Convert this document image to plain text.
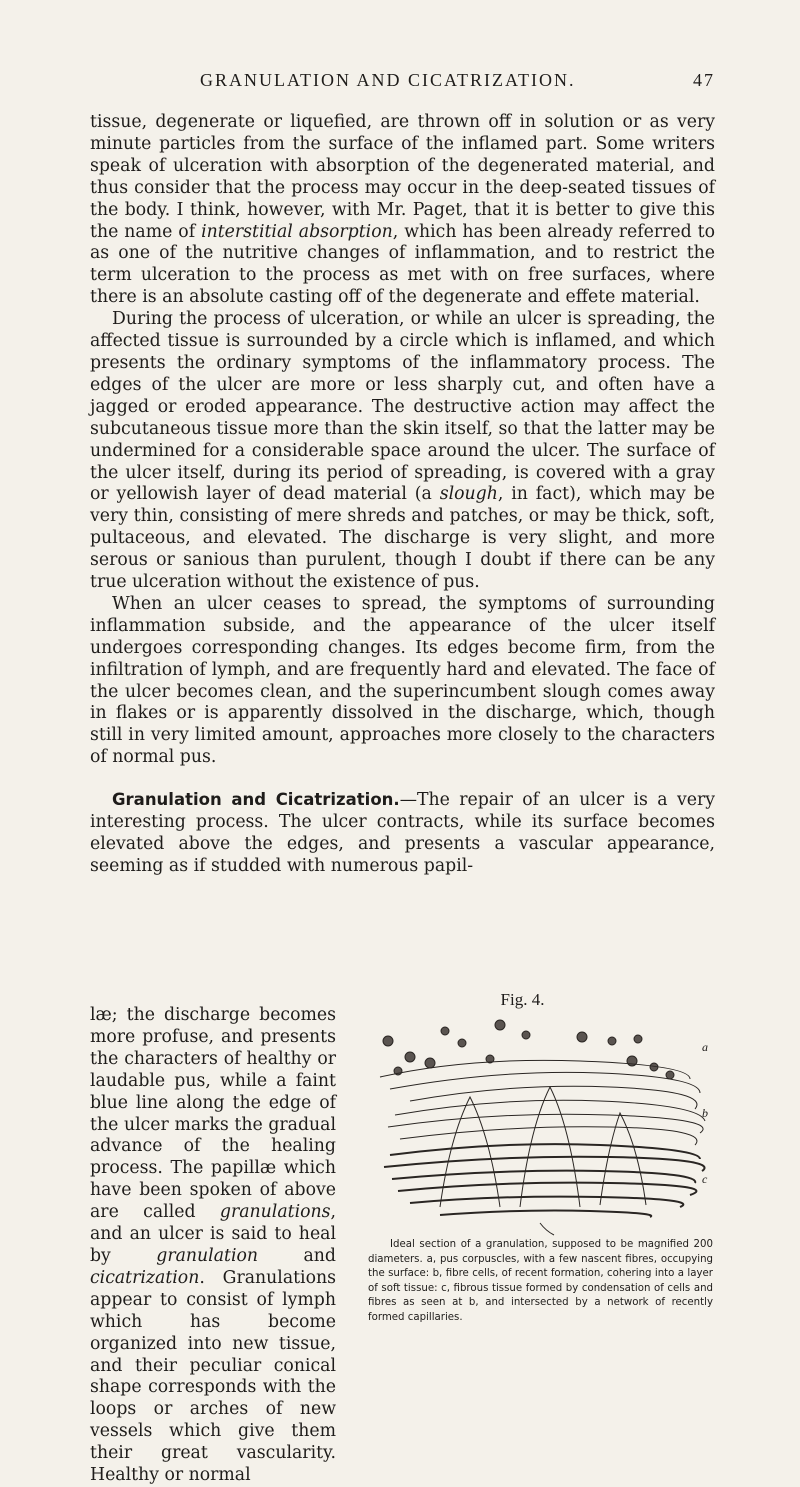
GRANULATION AND CICATRIZATION.	47

tissue, degenerate or liquefied, are thrown off in solution or as very minute particles from the surface of the inflamed part. Some writers speak of ulceration with absorption of the degenerated material, and thus consider that the process may occur in the deep-seated tissues of the body. I think, however, with Mr. Paget, that it is better to give this the name of interstitial absorption, which has been already referred to as one of the nutritive changes of inflammation, and to restrict the term ulceration to the process as met with on free surfaces, where there is an absolute casting off of the degenerate and effete material.

During the process of ulceration, or while an ulcer is spreading, the affected tissue is surrounded by a circle which is inflamed, and which presents the ordinary symptoms of the inflammatory process. The edges of the ulcer are more or less sharply cut, and often have a jagged or eroded appearance. The destructive action may affect the subcutaneous tissue more than the skin itself, so that the latter may be undermined for a considerable space around the ulcer. The surface of the ulcer itself, during its period of spreading, is covered with a gray or yellowish layer of dead material (a slough, in fact), which may be very thin, consisting of mere shreds and patches, or may be thick, soft, pultaceous, and elevated. The discharge is very slight, and more serous or sanious than purulent, though I doubt if there can be any true ulceration without the existence of pus.

When an ulcer ceases to spread, the symptoms of surrounding inflammation subside, and the appearance of the ulcer itself undergoes corresponding changes. Its edges become firm, from the infiltration of lymph, and are frequently hard and elevated. The face of the ulcer becomes clean, and the superincumbent slough comes away in flakes or is apparently dissolved in the discharge, which, though still in very limited amount, approaches more closely to the characters of normal pus.

Granulation and Cicatrization.—The repair of an ulcer is a very interesting process. The ulcer contracts, while its surface becomes elevated above the edges, and presents a vascular appearance, seeming as if studded with numerous papil-

læ; the discharge becomes more profuse, and presents the characters of healthy or laudable pus, while a faint blue line along the edge of the ulcer marks the gradual advance of the healing process. The papillæ which have been spoken of above are called granulations, and an ulcer is said to heal by granulation and cicatrization. Granulations appear to consist of lymph which has become organized into new tissue, and their peculiar conical shape corresponds with the loops or arches of new vessels which give them their great vascularity. Healthy or normal
Fig. 4.
a
b
c
Ideal section of a granulation, supposed to be magnified 200 diameters. a, pus corpuscles, with a few nascent fibres, occupying the surface: b, fibre cells, of recent formation, cohering into a layer of soft tissue: c, fibrous tissue formed by condensation of cells and fibres as seen at b, and intersected by a network of recently formed capillaries.
